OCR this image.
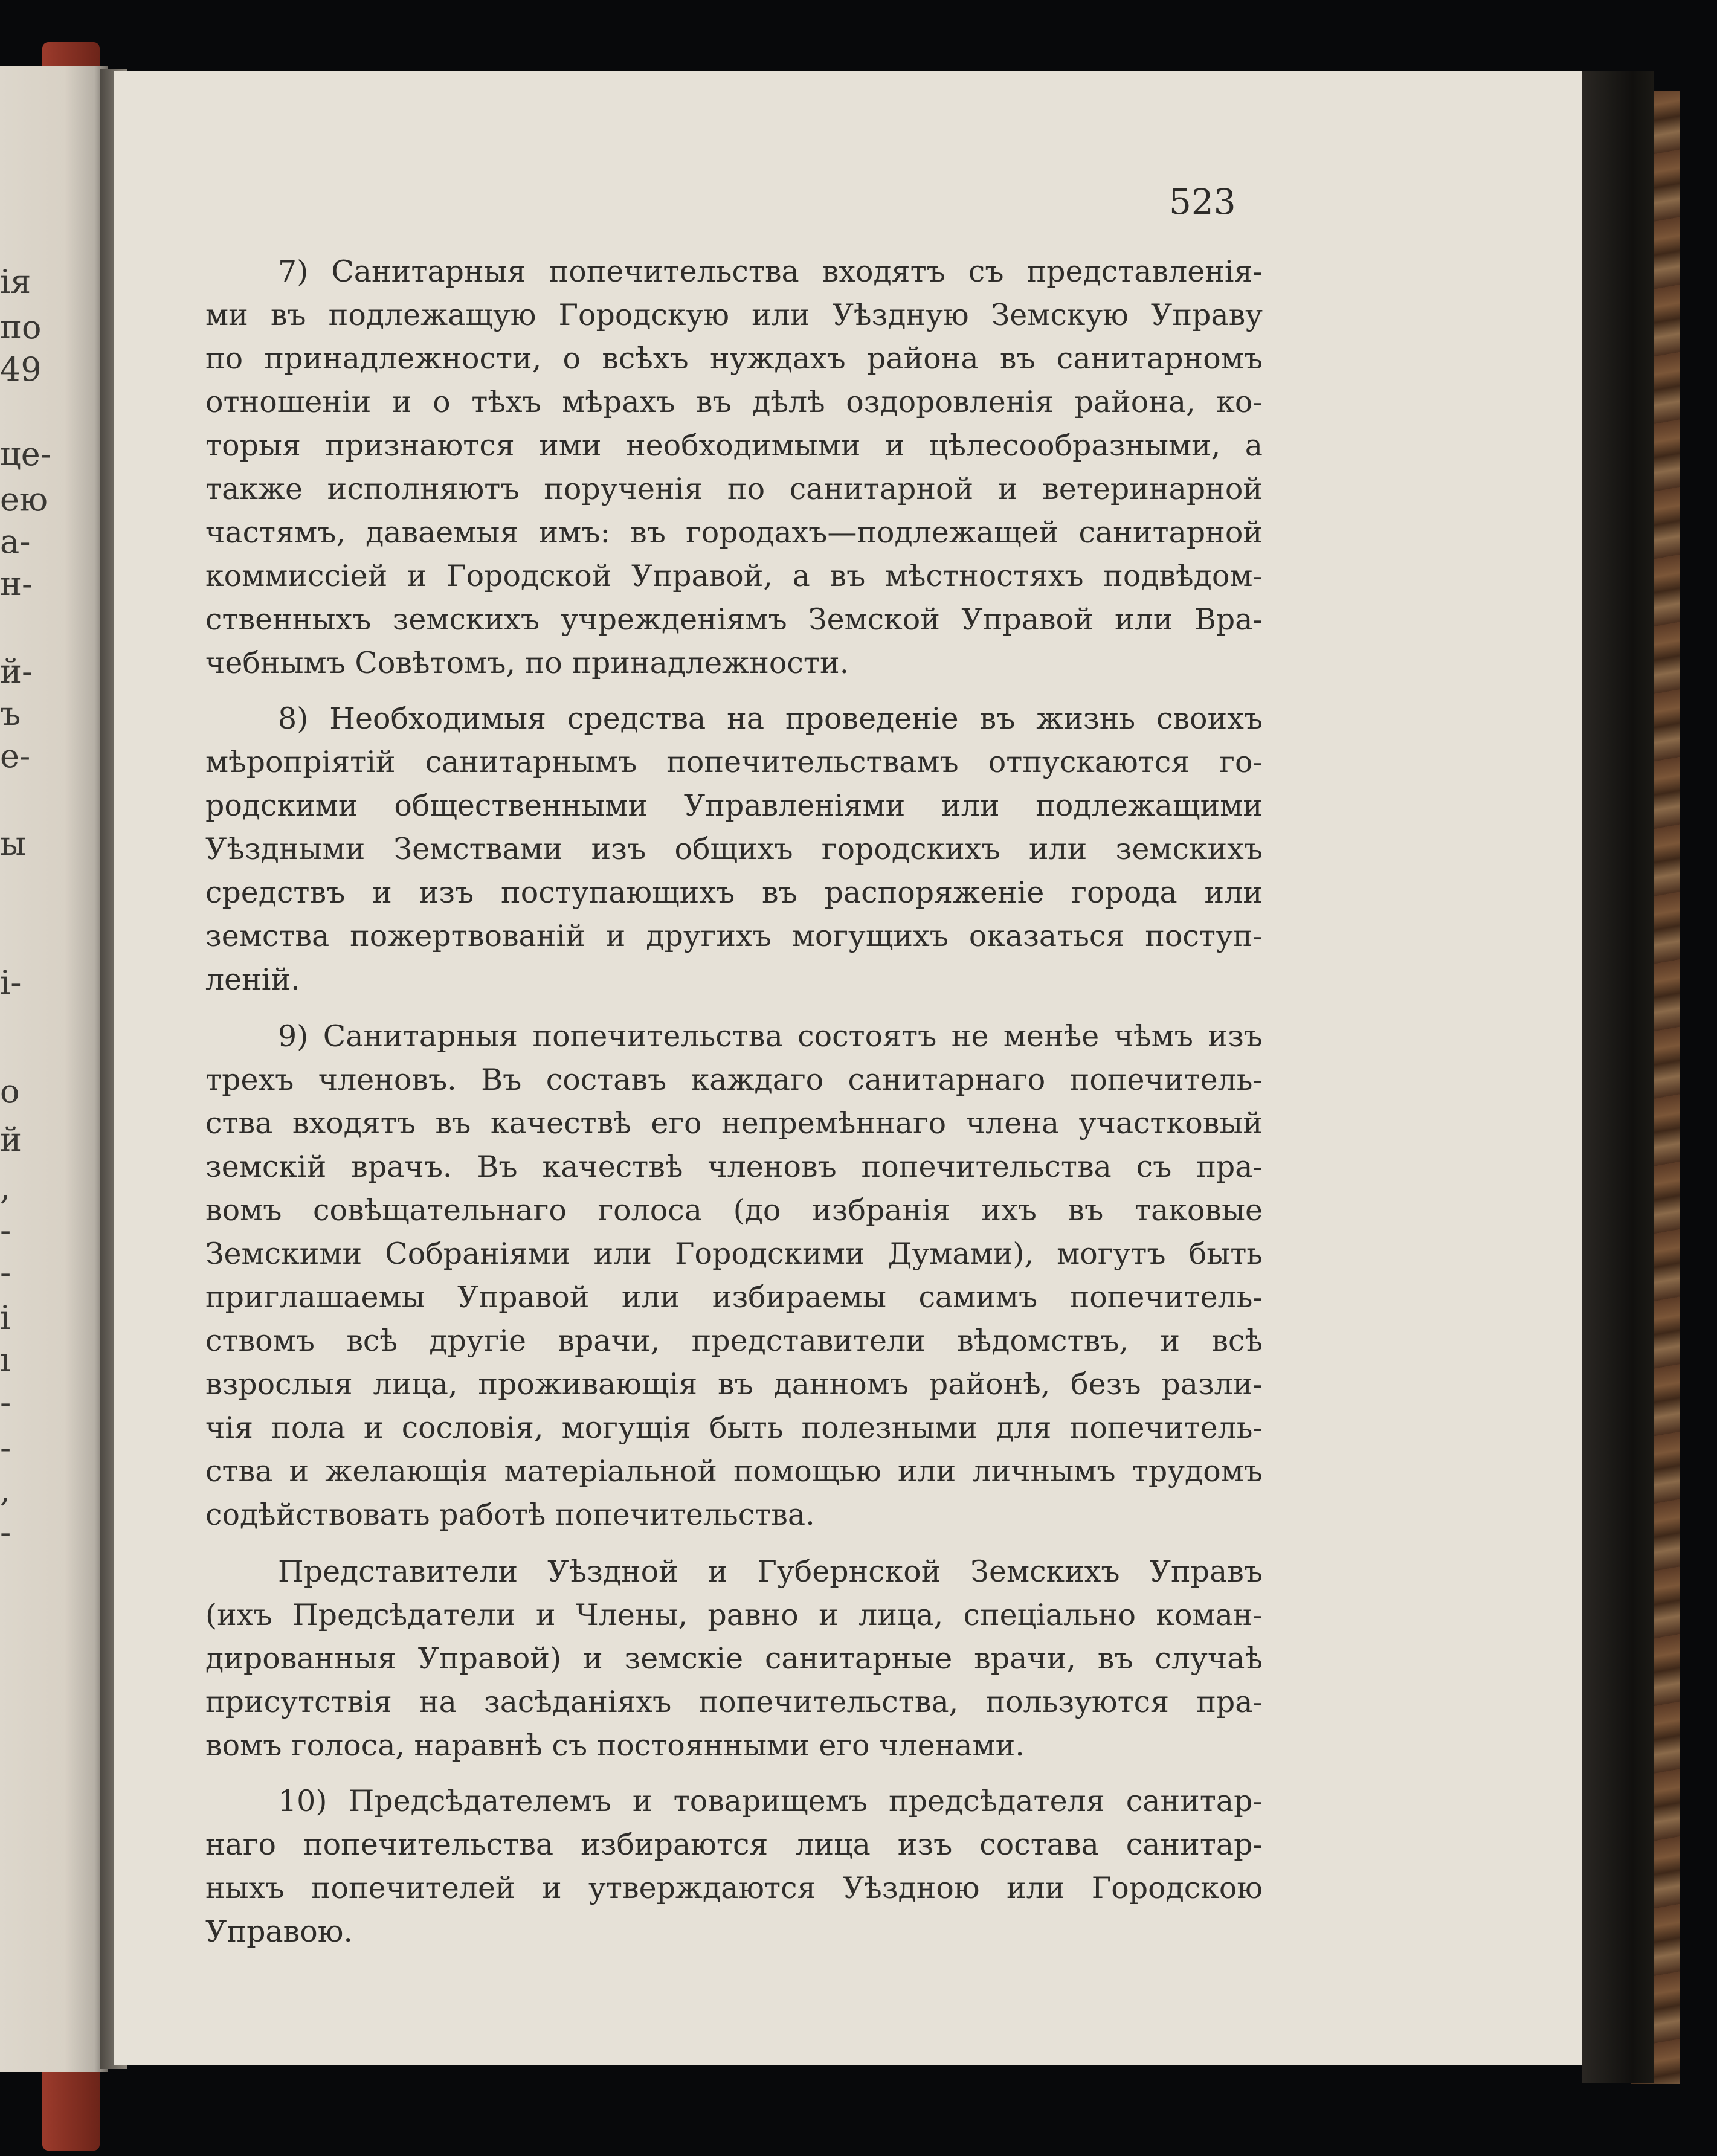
ія
по
49
це-
ею
а-
н-
й-
ъ
е-
ы
і-
о
й
,
-
-
і
ı
-
-
,
-
523
7) Санитарныя попечительства входятъ съ представленія-
ми въ подлежащую Городскую или Уѣздную Земскую Управу
по принадлежности, о всѣхъ нуждахъ района въ санитарномъ
отношеніи и о тѣхъ мѣрахъ въ дѣлѣ оздоровленія района, ко-
торыя признаются ими необходимыми и цѣлесообразными, а
также исполняютъ порученія по санитарной и ветеринарной
частямъ, даваемыя имъ: въ городахъ—подлежащей санитарной
коммиссіей и Городской Управой, а въ мѣстностяхъ подвѣдом-
ственныхъ земскихъ учрежденіямъ Земской Управой или Вра-
чебнымъ Совѣтомъ, по принадлежности.
8) Необходимыя средства на проведеніе въ жизнь своихъ
мѣропріятій санитарнымъ попечительствамъ отпускаются го-
родскими общественными Управленіями или подлежащими
Уѣздными Земствами изъ общихъ городскихъ или земскихъ
средствъ и изъ поступающихъ въ распоряженіе города или
земства пожертвованій и другихъ могущихъ оказаться поступ-
леній.
9) Санитарныя попечительства состоятъ не менѣе чѣмъ изъ
трехъ членовъ. Въ составъ каждаго санитарнаго попечитель-
ства входятъ въ качествѣ его непремѣннаго члена участковый
земскій врачъ. Въ качествѣ членовъ попечительства съ пра-
вомъ совѣщательнаго голоса (до избранія ихъ въ таковые
Земскими Собраніями или Городскими Думами), могутъ быть
приглашаемы Управой или избираемы самимъ попечитель-
ствомъ всѣ другіе врачи, представители вѣдомствъ, и всѣ
взрослыя лица, проживающія въ данномъ районѣ, безъ разли-
чія пола и сословія, могущія быть полезными для попечитель-
ства и желающія матеріальной помощью или личнымъ трудомъ
содѣйствовать работѣ попечительства.
Представители Уѣздной и Губернской Земскихъ Управъ
(ихъ Предсѣдатели и Члены, равно и лица, спеціально коман-
дированныя Управой) и земскіе санитарные врачи, въ случаѣ
присутствія на засѣданіяхъ попечительства, пользуются пра-
вомъ голоса, наравнѣ съ постоянными его членами.
10) Предсѣдателемъ и товарищемъ предсѣдателя санитар-
наго попечительства избираются лица изъ состава санитар-
ныхъ попечителей и утверждаются Уѣздною или Городскою
Управою.
